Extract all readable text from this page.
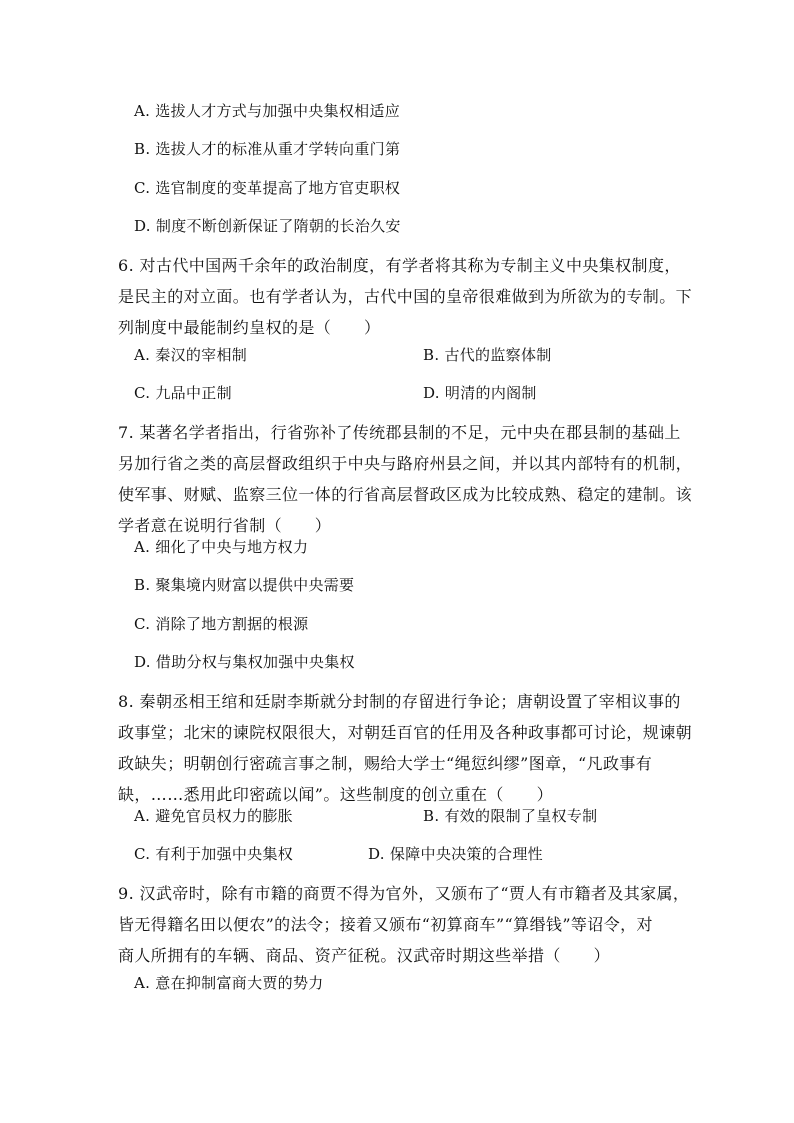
A. 选拔人才方式与加强中央集权相适应
B. 选拔人才的标准从重才学转向重门第
C. 选官制度的变革提高了地方官吏职权
D. 制度不断创新保证了隋朝的长治久安
6. 对古代中国两千余年的政治制度，有学者将其称为专制主义中央集权制度，
是民主的对立面。也有学者认为，古代中国的皇帝很难做到为所欲为的专制。下
列制度中最能制约皇权的是（　　）
A. 秦汉的宰相制	B. 古代的监察体制
C. 九品中正制	D. 明清的内阁制
7. 某著名学者指出，行省弥补了传统郡县制的不足，元中央在郡县制的基础上
另加行省之类的高层督政组织于中央与路府州县之间，并以其内部特有的机制，
使军事、财赋、监察三位一体的行省高层督政区成为比较成熟、稳定的建制。该
学者意在说明行省制（　　）
A. 细化了中央与地方权力
B. 聚集境内财富以提供中央需要
C. 消除了地方割据的根源
D. 借助分权与集权加强中央集权
8. 秦朝丞相王绾和廷尉李斯就分封制的存留进行争论；唐朝设置了宰相议事的
政事堂；北宋的谏院权限很大，对朝廷百官的任用及各种政事都可讨论，规谏朝
政缺失；明朝创行密疏言事之制，赐给大学士“绳愆纠缪”图章，“凡政事有
缺，……悉用此印密疏以闻”。这些制度的创立重在（　　）
A. 避免官员权力的膨胀	B. 有效的限制了皇权专制
C. 有利于加强中央集权	D. 保障中央决策的合理性
9. 汉武帝时，除有市籍的商贾不得为官外，又颁布了“贾人有市籍者及其家属，
皆无得籍名田以便农”的法令；接着又颁布“初算商车”“算缗钱”等诏令，对
商人所拥有的车辆、商品、资产征税。汉武帝时期这些举措（　　）
A. 意在抑制富商大贾的势力
